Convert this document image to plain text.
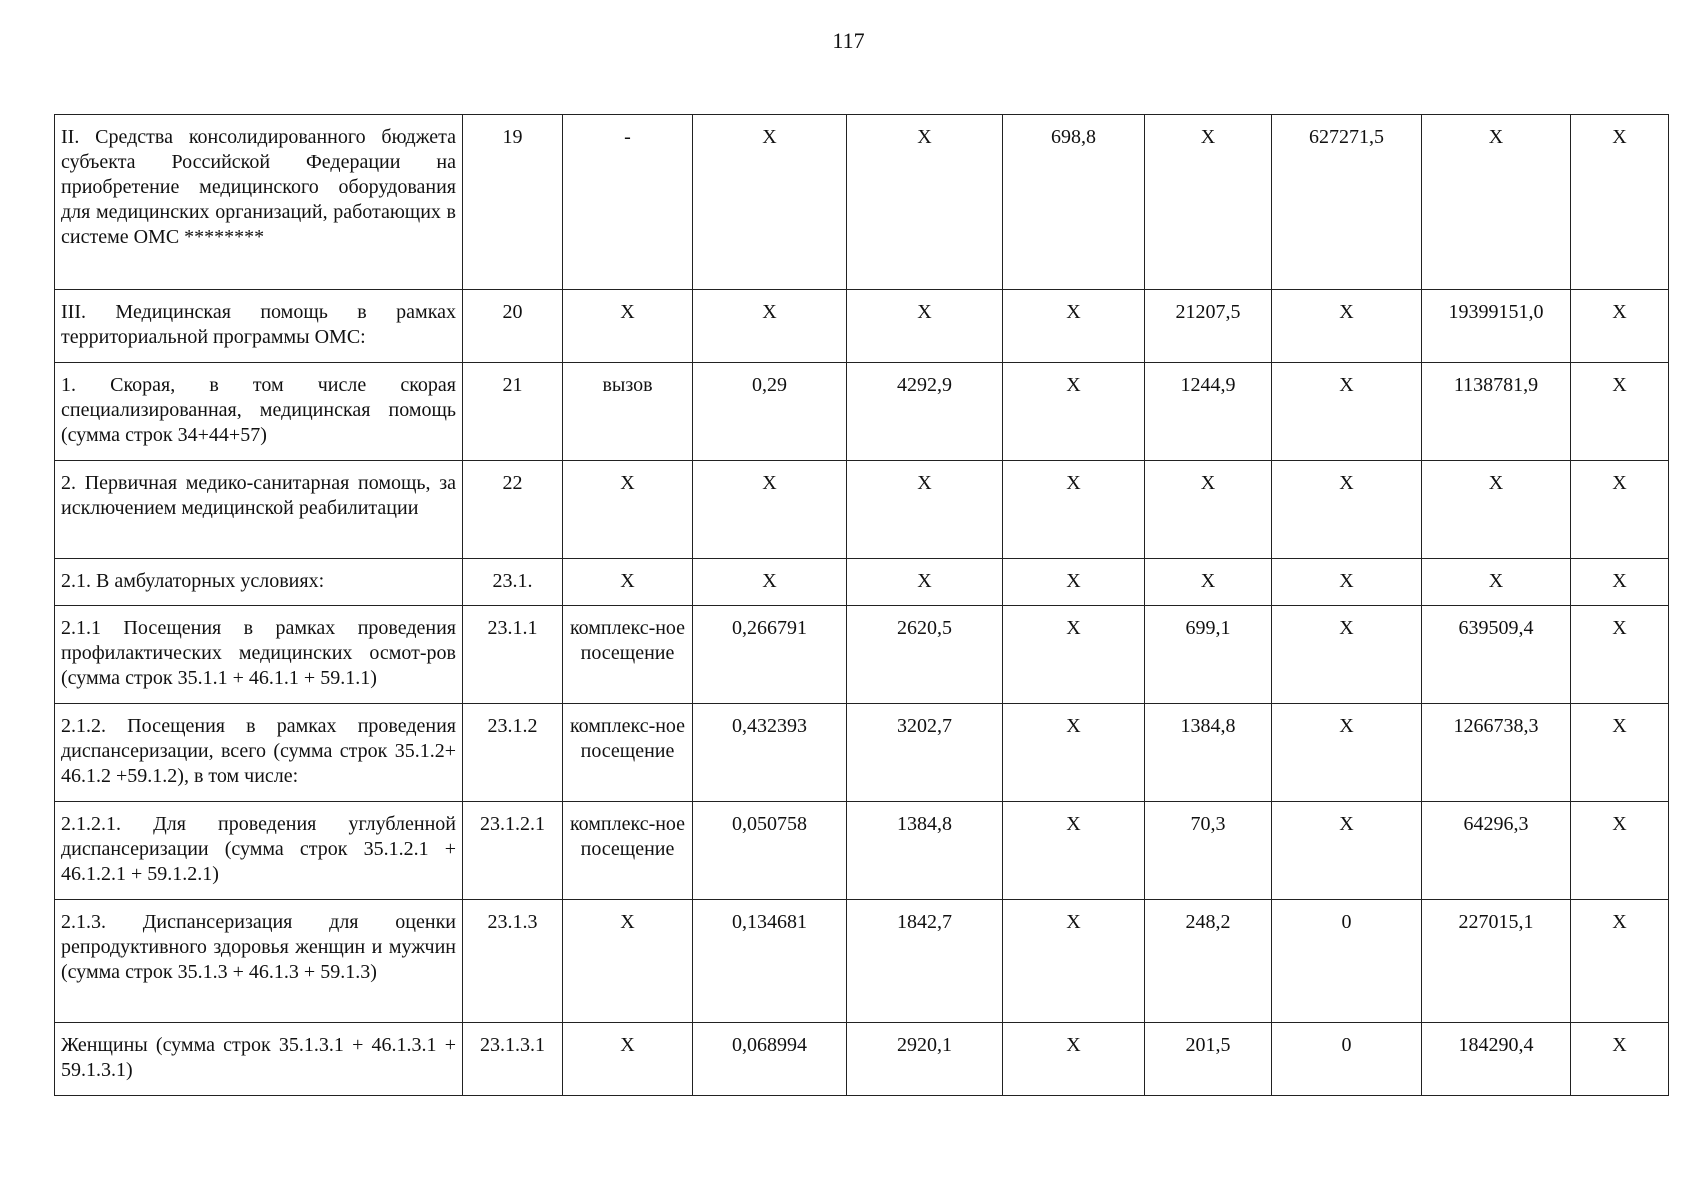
117
II. Средства консолидированного бюджета субъекта Российской Федерации на приобретение медицинского оборудования для медицинских организаций, работающих в системе ОМС ********	19	-	X	X	698,8	X	627271,5	X	X
III. Медицинская помощь в рамках территориальной программы ОМС:	20	X	X	X	X	21207,5	X	19399151,0	X
1. Скорая, в том числе скорая специализированная, медицинская помощь (сумма строк 34+44+57)	21	вызов	0,29	4292,9	X	1244,9	X	1138781,9	X
2. Первичная медико-санитарная помощь, за исключением медицинской реабилитации	22	X	X	X	X	X	X	X	X
2.1. В амбулаторных условиях:	23.1.	X	X	X	X	X	X	X	X
2.1.1 Посещения в рамках проведения профилактических медицинских осмот-ров (сумма строк 35.1.1 + 46.1.1 + 59.1.1)	23.1.1	комплекс-ное посещение	0,266791	2620,5	X	699,1	X	639509,4	X
2.1.2. Посещения в рамках проведения диспансеризации, всего (сумма строк 35.1.2+ 46.1.2 +59.1.2), в том числе:	23.1.2	комплекс-ное посещение	0,432393	3202,7	X	1384,8	X	1266738,3	X
2.1.2.1. Для проведения углубленной диспансеризации (сумма строк 35.1.2.1 + 46.1.2.1 + 59.1.2.1)	23.1.2.1	комплекс-ное посещение	0,050758	1384,8	X	70,3	X	64296,3	X
2.1.3. Диспансеризация для оценки репродуктивного здоровья женщин и мужчин (сумма строк 35.1.3 + 46.1.3 + 59.1.3)	23.1.3	X	0,134681	1842,7	X	248,2	0	227015,1	X
Женщины (сумма строк 35.1.3.1 + 46.1.3.1 + 59.1.3.1)	23.1.3.1	X	0,068994	2920,1	X	201,5	0	184290,4	X
